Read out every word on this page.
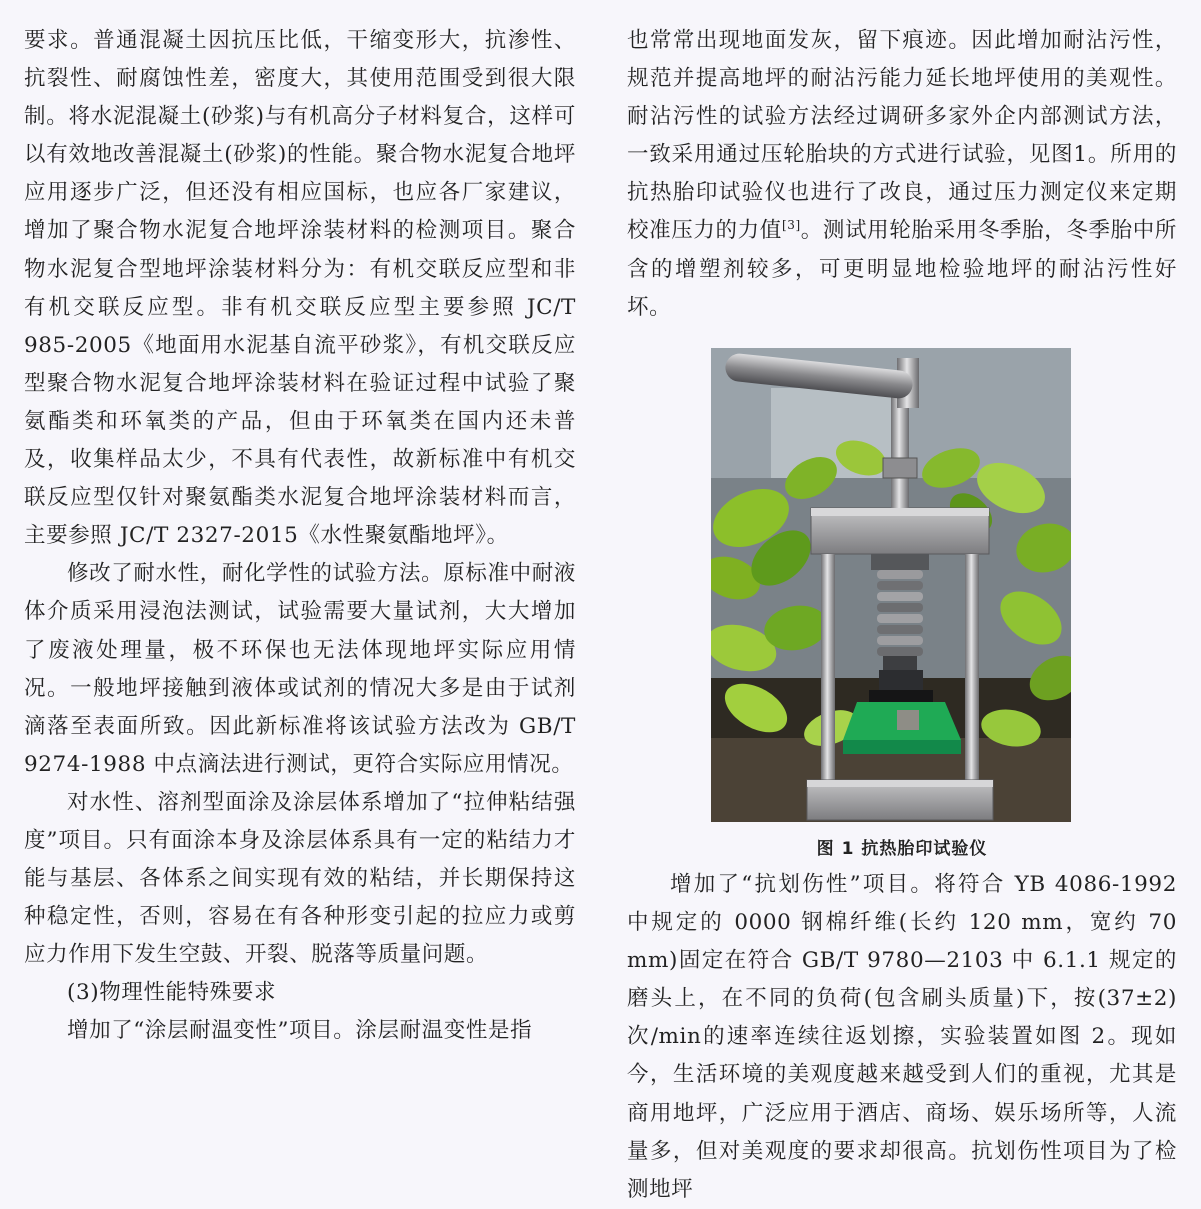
要求。普通混凝土因抗压比低，干缩变形大，抗渗性、抗裂性、耐腐蚀性差，密度大，其使用范围受到很大限制。将水泥混凝土(砂浆)与有机高分子材料复合，这样可以有效地改善混凝土(砂浆)的性能。聚合物水泥复合地坪应用逐步广泛，但还没有相应国标，也应各厂家建议，增加了聚合物水泥复合地坪涂装材料的检测项目。聚合物水泥复合型地坪涂装材料分为：有机交联反应型和非有机交联反应型。非有机交联反应型主要参照 JC/T 985-2005《地面用水泥基自流平砂浆》，有机交联反应型聚合物水泥复合地坪涂装材料在验证过程中试验了聚氨酯类和环氧类的产品，但由于环氧类在国内还未普及，收集样品太少，不具有代表性，故新标准中有机交联反应型仅针对聚氨酯类水泥复合地坪涂装材料而言，主要参照 JC/T 2327-2015《水性聚氨酯地坪》。

修改了耐水性，耐化学性的试验方法。原标准中耐液体介质采用浸泡法测试，试验需要大量试剂，大大增加了废液处理量，极不环保也无法体现地坪实际应用情况。一般地坪接触到液体或试剂的情况大多是由于试剂滴落至表面所致。因此新标准将该试验方法改为 GB/T 9274-1988 中点滴法进行测试，更符合实际应用情况。

对水性、溶剂型面涂及涂层体系增加了“拉伸粘结强度”项目。只有面涂本身及涂层体系具有一定的粘结力才能与基层、各体系之间实现有效的粘结，并长期保持这种稳定性，否则，容易在有各种形变引起的拉应力或剪应力作用下发生空鼓、开裂、脱落等质量问题。

(3)物理性能特殊要求

增加了“涂层耐温变性”项目。涂层耐温变性是指

也常常出现地面发灰，留下痕迹。因此增加耐沾污性，规范并提高地坪的耐沾污能力延长地坪使用的美观性。耐沾污性的试验方法经过调研多家外企内部测试方法，一致采用通过压轮胎块的方式进行试验，见图1。所用的抗热胎印试验仪也进行了改良，通过压力测定仪来定期校准压力的力值[3]。测试用轮胎采用冬季胎，冬季胎中所含的增塑剂较多，可更明显地检验地坪的耐沾污性好坏。

图 1 抗热胎印试验仪

增加了“抗划伤性”项目。将符合 YB 4086-1992 中规定的 0000 钢棉纤维(长约 120 mm，宽约 70 mm)固定在符合 GB/T 9780—2103 中 6.1.1 规定的磨头上，在不同的负荷(包含刷头质量)下，按(37±2)次/min的速率连续往返划擦，实验装置如图 2。现如今，生活环境的美观度越来越受到人们的重视，尤其是商用地坪，广泛应用于酒店、商场、娱乐场所等，人流量多，但对美观度的要求却很高。抗划伤性项目为了检测地坪
